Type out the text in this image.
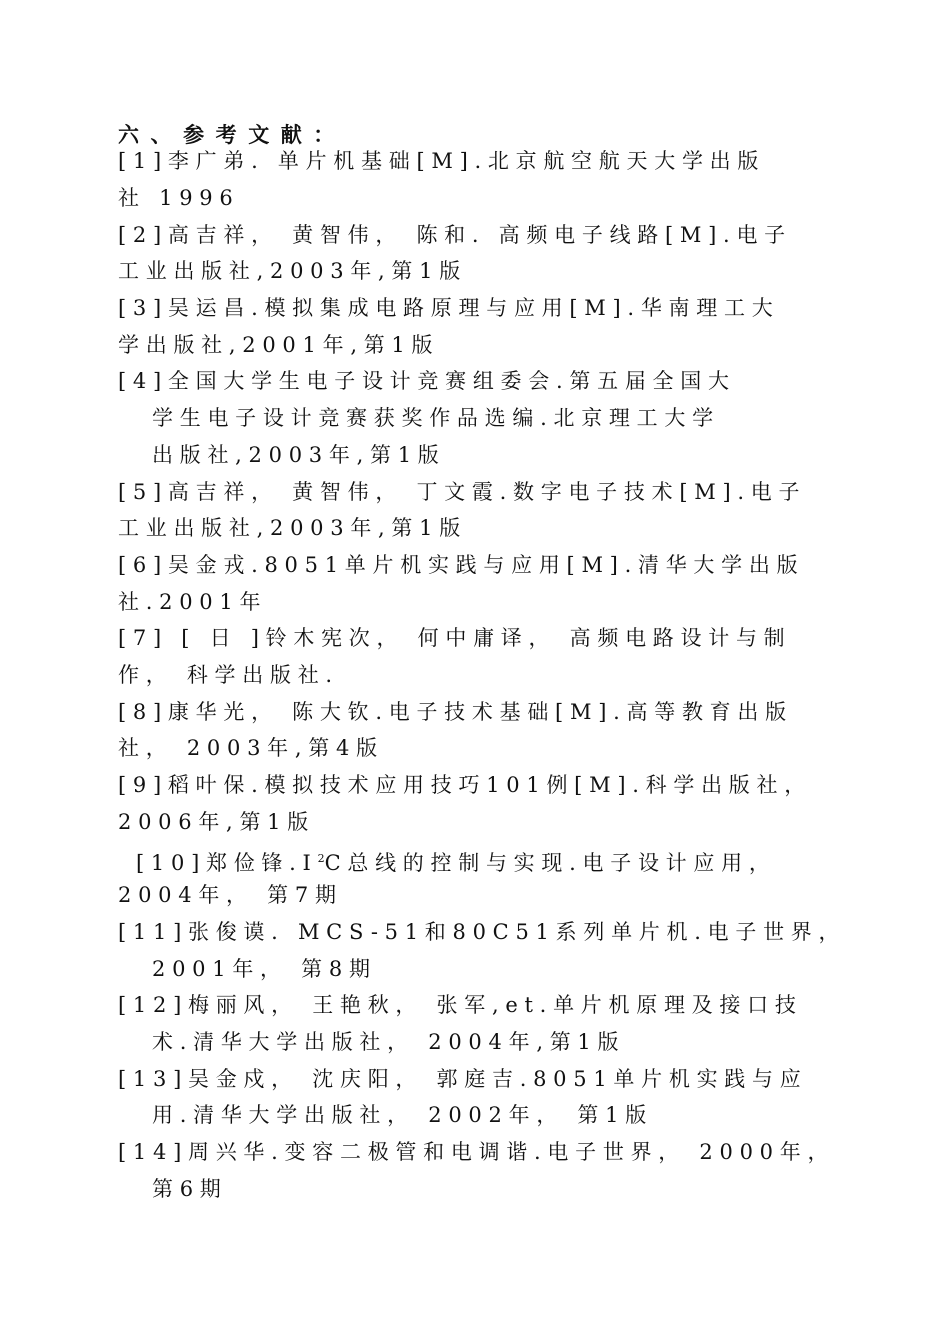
六、参考文献：
[1]李广弟. 单片机基础[M].北京航空航天大学出版
社 1996
[2]高吉祥， 黄智伟， 陈和. 高频电子线路[M].电子
工业出版社,2003年,第1版
[3]吴运昌.模拟集成电路原理与应用[M].华南理工大
学出版社,2001年,第1版
[4]全国大学生电子设计竞赛组委会.第五届全国大
学生电子设计竞赛获奖作品选编.北京理工大学
出版社,2003年,第1版
[5]高吉祥， 黄智伟， 丁文霞.数字电子技术[M].电子
工业出版社,2003年,第1版
[6]吴金戎.8051单片机实践与应用[M].清华大学出版
社.2001年
[7] [ 日 ]铃木宪次， 何中庸译， 高频电路设计与制
作， 科学出版社.
[8]康华光， 陈大钦.电子技术基础[M].高等教育出版
社， 2003年,第4版
[9]稻叶保.模拟技术应用技巧101例[M].科学出版社，
2006年,第1版
[10]郑俭锋$.I^2C$总线的控制与实现.电子设计应用，
2004年， 第7期
[11]张俊谟. MCS-51和80C51系列单片机.电子世界，
2001年， 第8期
[12]梅丽风， 王艳秋， 张军,et.单片机原理及接口技
术.清华大学出版社， 2004年,第1版
[13]吴金戍， 沈庆阳， 郭庭吉.8051单片机实践与应
用.清华大学出版社， 2002年， 第1版
[14]周兴华.变容二极管和电调谐.电子世界， 2000年，
第6期
